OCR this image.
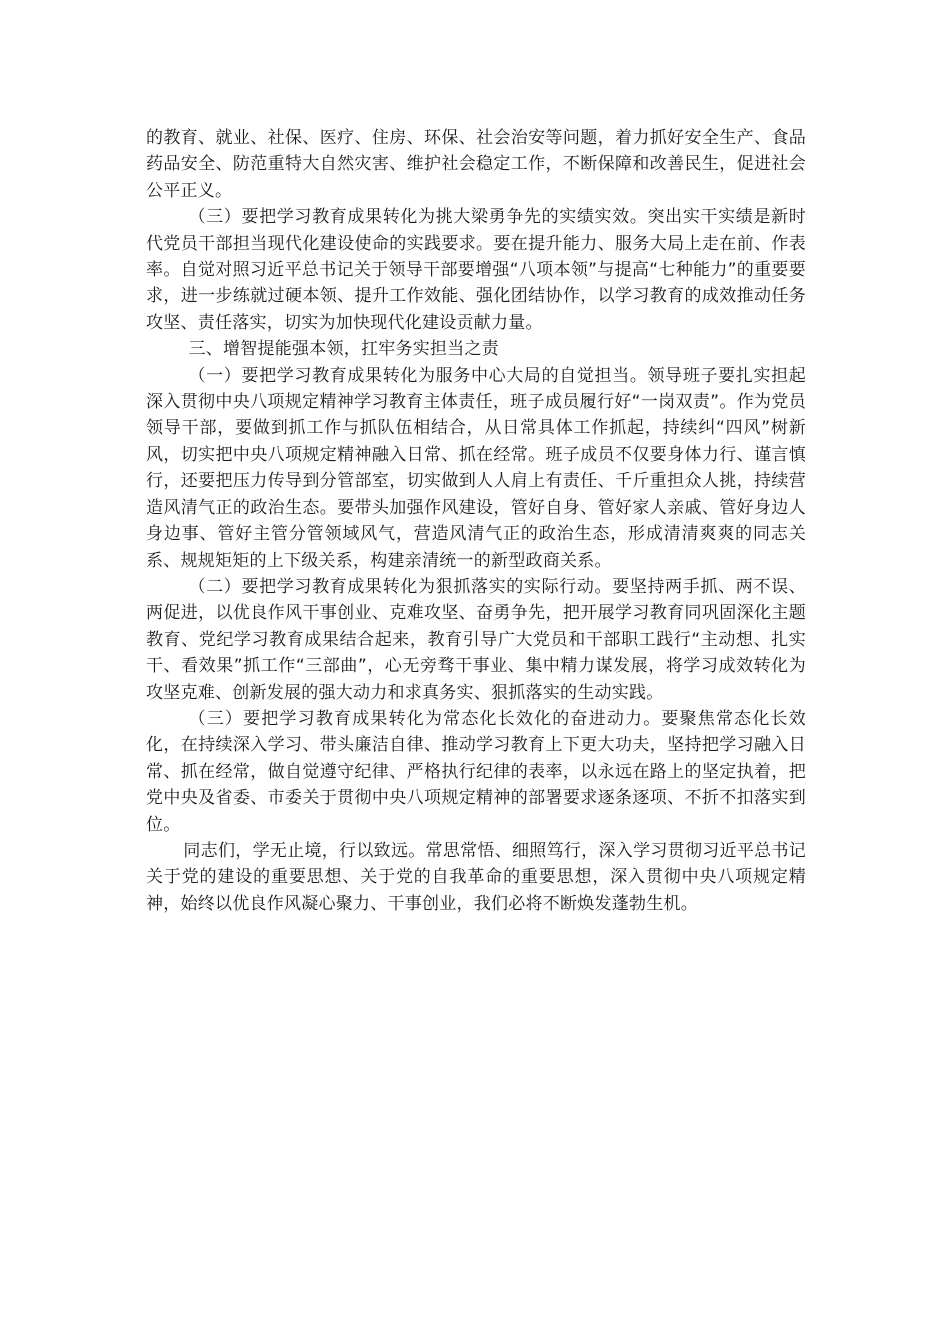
的教育、就业、社保、医疗、住房、环保、社会治安等问题，着力抓好安全生产、食品药品安全、防范重特大自然灾害、维护社会稳定工作，不断保障和改善民生，促进社会公平正义。

（三）要把学习教育成果转化为挑大梁勇争先的实绩实效。突出实干实绩是新时代党员干部担当现代化建设使命的实践要求。要在提升能力、服务大局上走在前、作表率。自觉对照习近平总书记关于领导干部要增强“八项本领”与提高“七种能力”的重要要求，进一步练就过硬本领、提升工作效能、强化团结协作，以学习教育的成效推动任务攻坚、责任落实，切实为加快现代化建设贡献力量。

三、增智提能强本领，扛牢务实担当之责

（一）要把学习教育成果转化为服务中心大局的自觉担当。领导班子要扎实担起深入贯彻中央八项规定精神学习教育主体责任，班子成员履行好“一岗双责”。作为党员领导干部，要做到抓工作与抓队伍相结合，从日常具体工作抓起，持续纠“四风”树新风，切实把中央八项规定精神融入日常、抓在经常。班子成员不仅要身体力行、谨言慎行，还要把压力传导到分管部室，切实做到人人肩上有责任、千斤重担众人挑，持续营造风清气正的政治生态。要带头加强作风建设，管好自身、管好家人亲戚、管好身边人身边事、管好主管分管领域风气，营造风清气正的政治生态，形成清清爽爽的同志关系、规规矩矩的上下级关系，构建亲清统一的新型政商关系。

（二）要把学习教育成果转化为狠抓落实的实际行动。要坚持两手抓、两不误、两促进，以优良作风干事创业、克难攻坚、奋勇争先，把开展学习教育同巩固深化主题教育、党纪学习教育成果结合起来，教育引导广大党员和干部职工践行“主动想、扎实干、看效果”抓工作“三部曲”，心无旁骛干事业、集中精力谋发展，将学习成效转化为攻坚克难、创新发展的强大动力和求真务实、狠抓落实的生动实践。

（三）要把学习教育成果转化为常态化长效化的奋进动力。要聚焦常态化长效化，在持续深入学习、带头廉洁自律、推动学习教育上下更大功夫，坚持把学习融入日常、抓在经常，做自觉遵守纪律、严格执行纪律的表率，以永远在路上的坚定执着，把党中央及省委、市委关于贯彻中央八项规定精神的部署要求逐条逐项、不折不扣落实到位。

同志们，学无止境，行以致远。常思常悟、细照笃行，深入学习贯彻习近平总书记关于党的建设的重要思想、关于党的自我革命的重要思想，深入贯彻中央八项规定精神，始终以优良作风凝心聚力、干事创业，我们必将不断焕发蓬勃生机。
